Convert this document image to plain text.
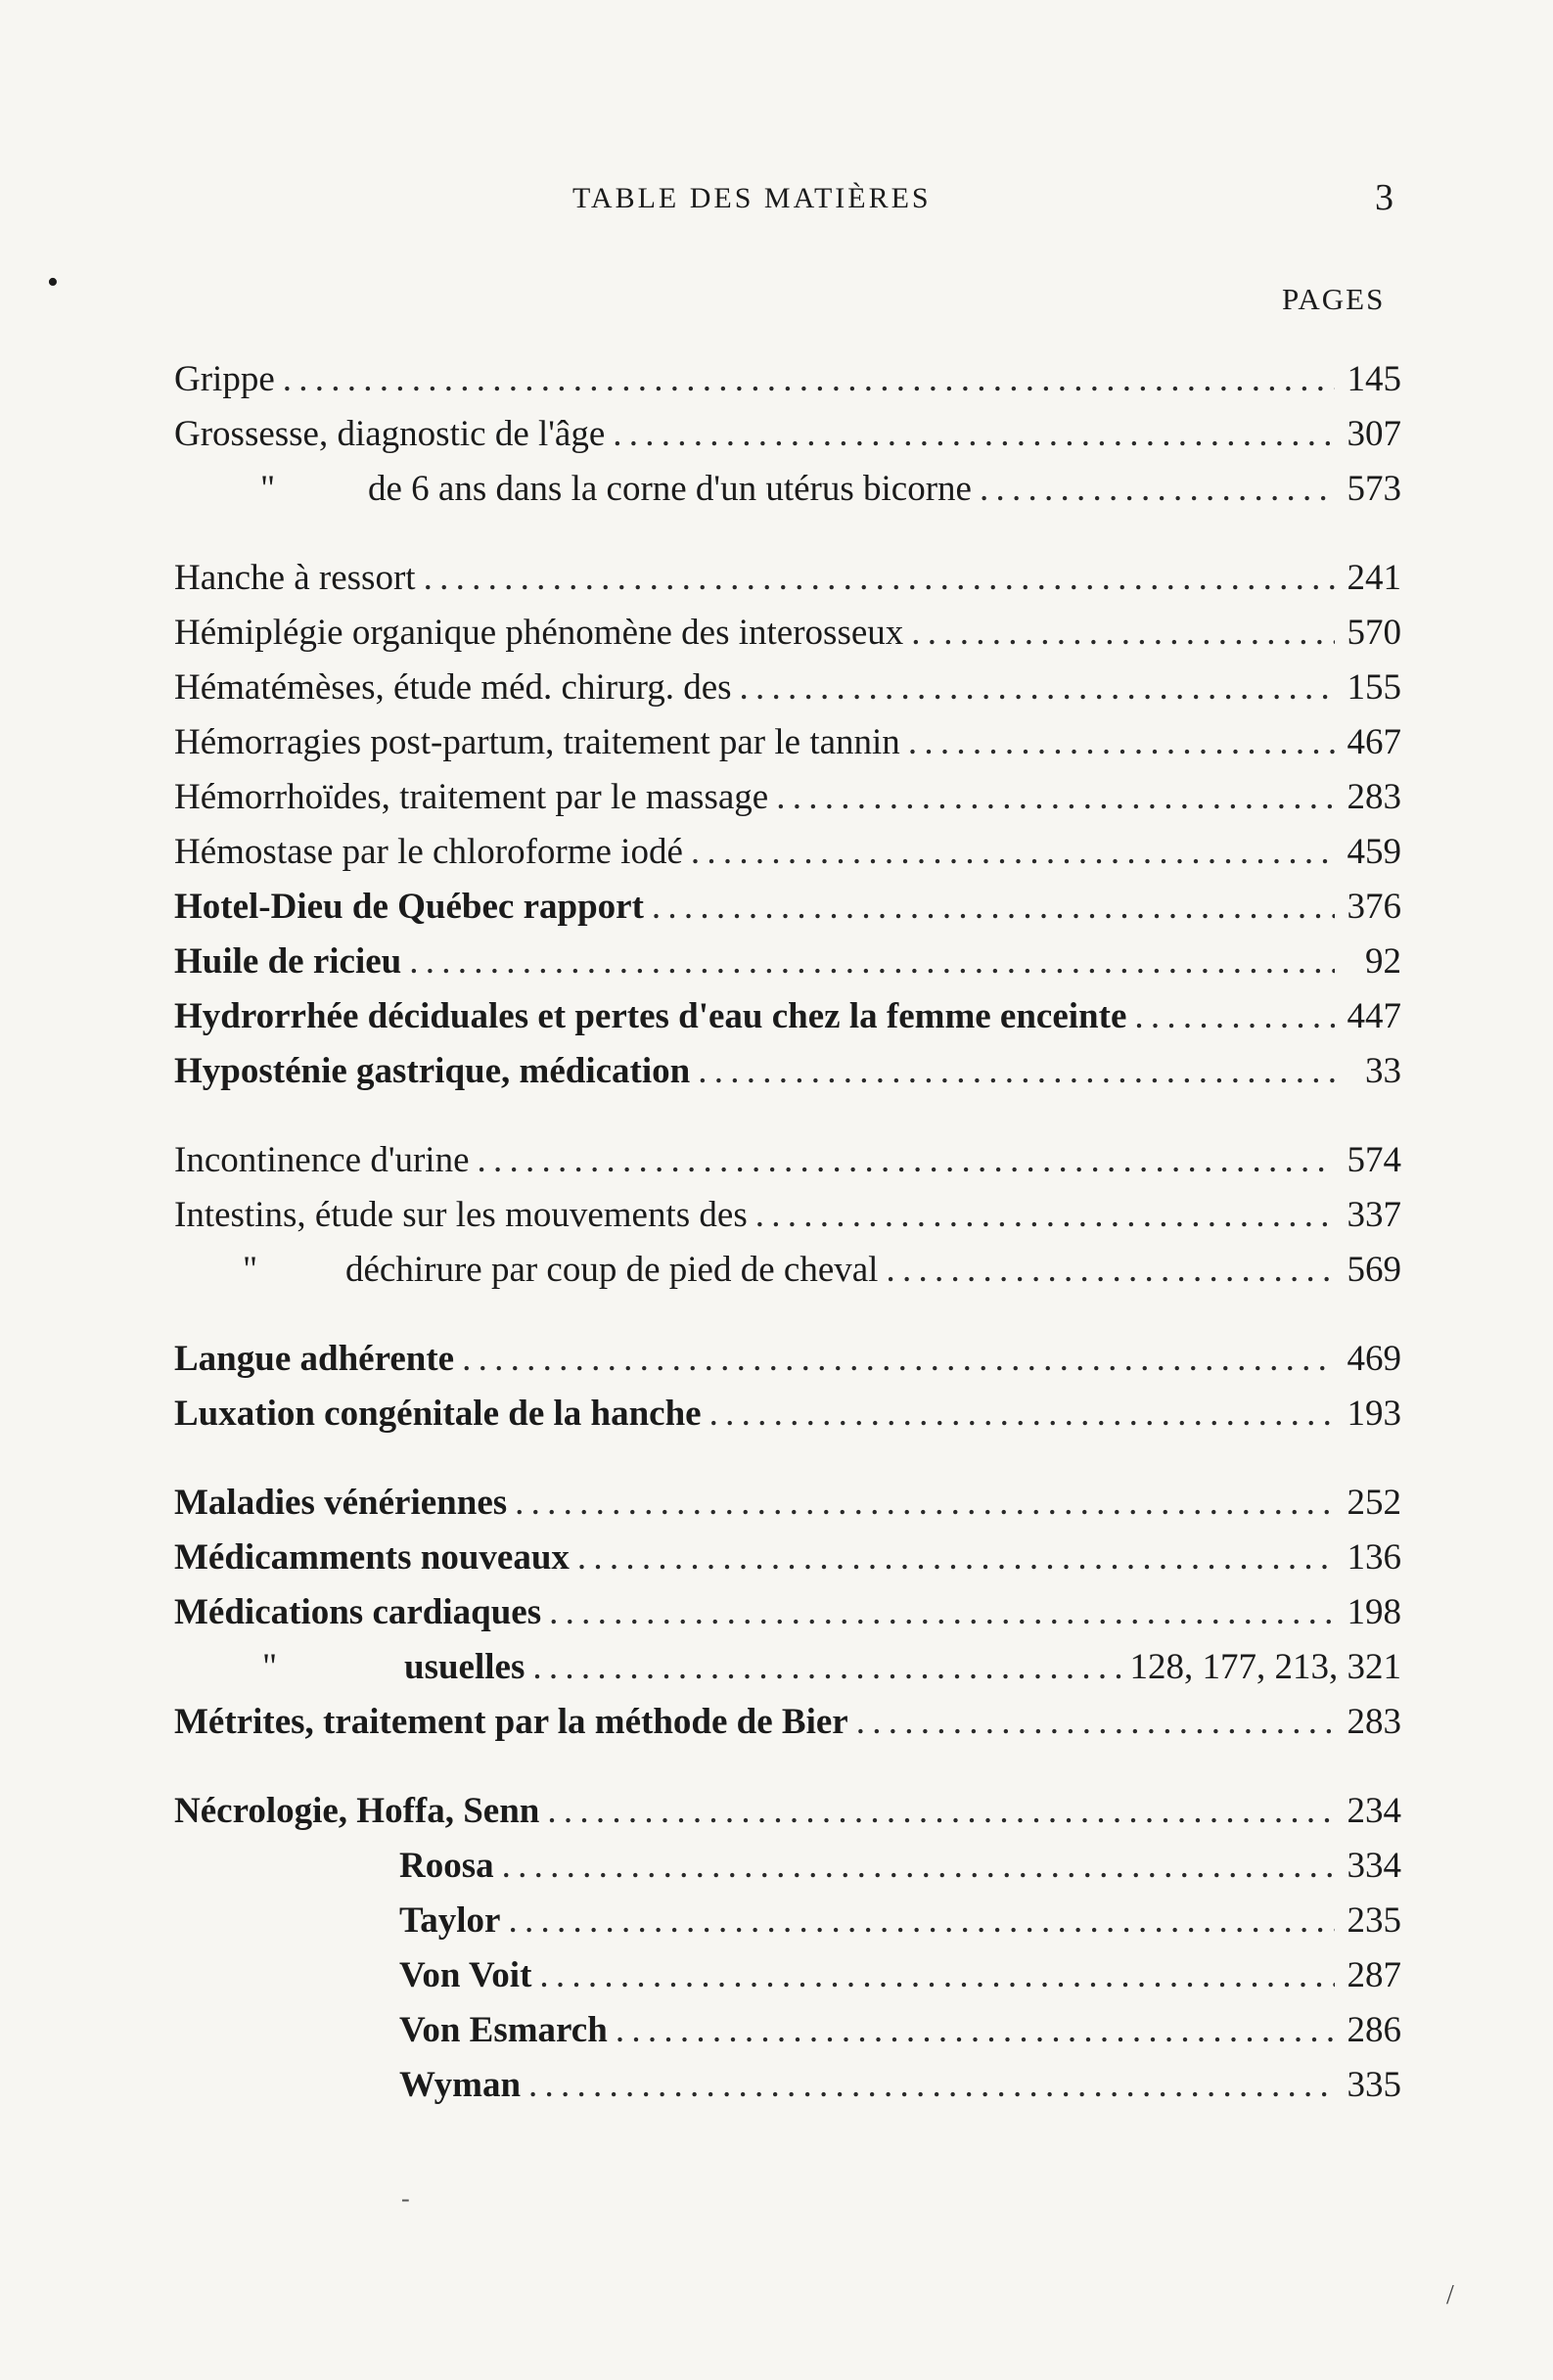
TABLE DES MATIÈRES	3
PAGES
•
Grippe . . .	145
Grossesse, diagnostic de l'âge . . .	307
"	de 6 ans dans la corne d'un utérus bicorne . . .	573
Hanche à ressort . . .	241
Hémiplégie organique phénomène des interosseux . . .	570
Hématémèses, étude méd. chirurg. des . . .	155
Hémorragies post-partum, traitement par le tannin . . .	467
Hémorrhoïdes, traitement par le massage . . .	283
Hémostase par le chloroforme iodé . . .	459
Hotel-Dieu de Québec rapport . . .	376
Huile de ricieu . . .	92
Hydrorrhée déciduales et pertes d'eau chez la femme enceinte . . .	447
Hyposténie gastrique, médication . . .	33
Incontinence d'urine . . .	574
Intestins, étude sur les mouvements des . . .	337
"	déchirure par coup de pied de cheval . . .	569
Langue adhérente . . .	469
Luxation congénitale de la hanche . . .	193
Maladies vénériennes . . .	252
Médicamments nouveaux . . .	136
Médications cardiaques . . .	198
"	usuelles . . .	128, 177, 213, 321
Métrites, traitement par la méthode de Bier . . .	283
Nécrologie, Hoffa, Senn . . .	234
Roosa . . .	334
Taylor . . .	235
Von Voit . . .	287
Von Esmarch . . .	286
Wyman . . .	335
-
/
